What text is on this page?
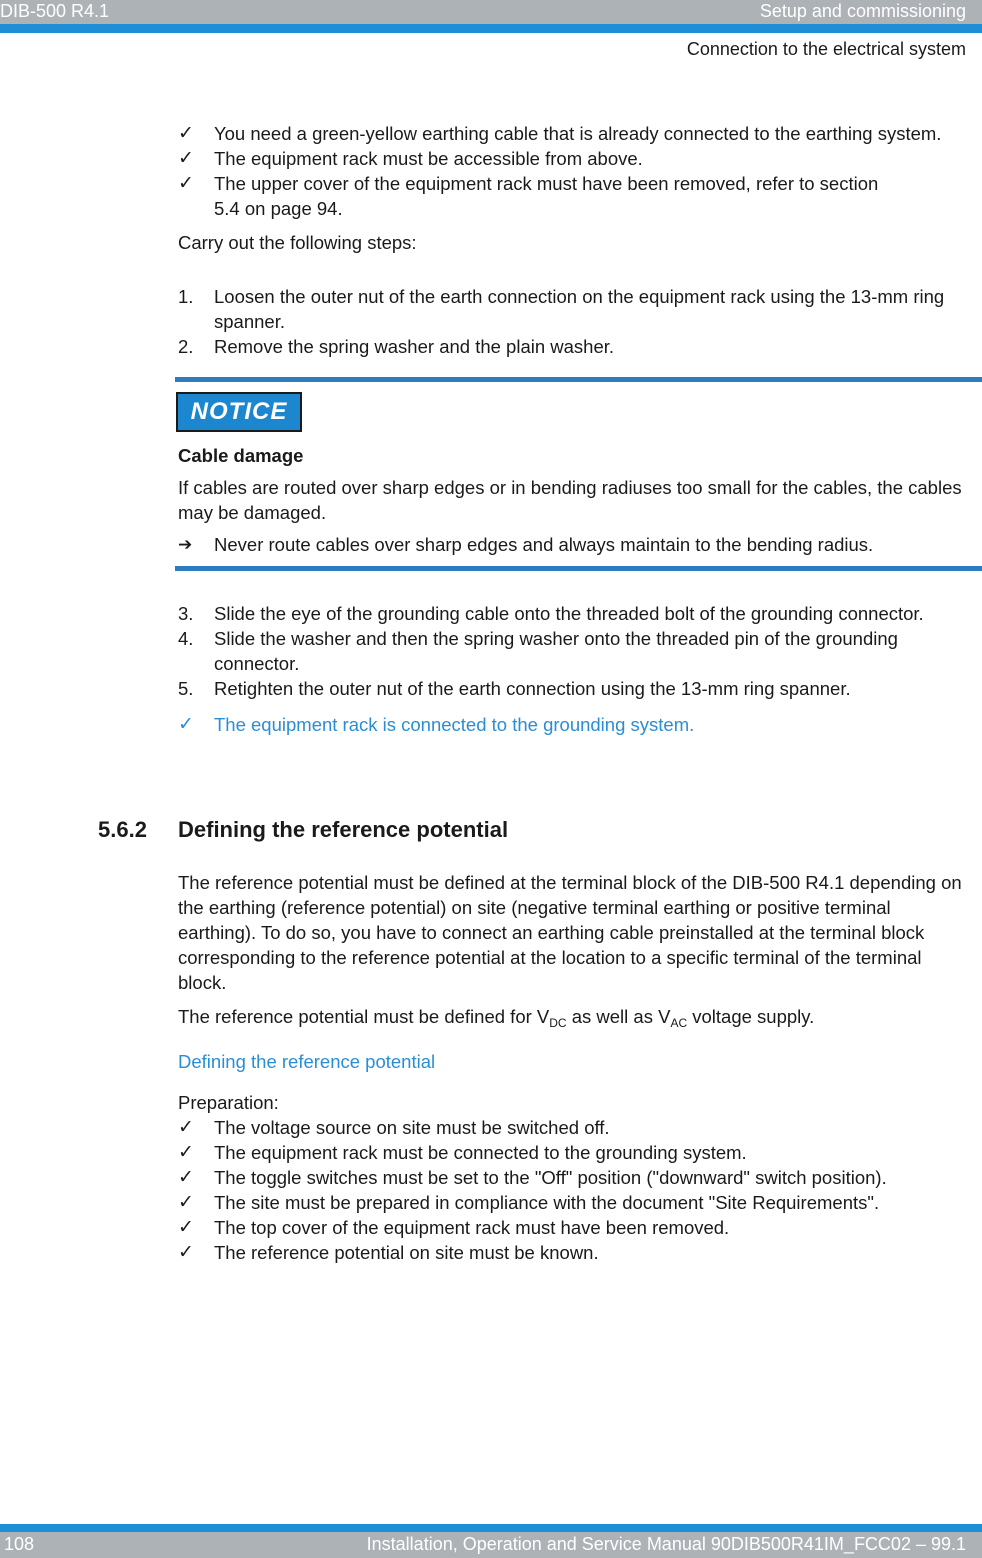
DIB-500 R4.1	Setup and commissioning
Connection to the electrical system
✓ You need a green-yellow earthing cable that is already connected to the earthing system.
✓ The equipment rack must be accessible from above.
✓ The upper cover of the equipment rack must have been removed, refer to section 5.4 on page 94.

Carry out the following steps:

1. Loosen the outer nut of the earth connection on the equipment rack using the 13-mm ring spanner.
2. Remove the spring washer and the plain washer.
NOTICE

Cable damage

If cables are routed over sharp edges or in bending radiuses too small for the cables, the cables may be damaged.

➔ Never route cables over sharp edges and always maintain to the bending radius.
3. Slide the eye of the grounding cable onto the threaded bolt of the grounding connector.
4. Slide the washer and then the spring washer onto the threaded pin of the grounding connector.
5. Retighten the outer nut of the earth connection using the 13-mm ring spanner.
✓ The equipment rack is connected to the grounding system.
5.6.2 Defining the reference potential

The reference potential must be defined at the terminal block of the DIB-500 R4.1 depending on the earthing (reference potential) on site (negative terminal earthing or positive terminal earthing). To do so, you have to connect an earthing cable preinstalled at the terminal block corresponding to the reference potential at the location to a specific terminal of the terminal block.

The reference potential must be defined for $V_{DC}$ as well as $V_{AC}$ voltage supply.

Defining the reference potential

Preparation:

✓ The voltage source on site must be switched off.
✓ The equipment rack must be connected to the grounding system.
✓ The toggle switches must be set to the "Off" position ("downward" switch position).
✓ The site must be prepared in compliance with the document "Site Requirements".
✓ The top cover of the equipment rack must have been removed.
✓ The reference potential on site must be known.
108	Installation, Operation and Service Manual 90DIB500R41IM_FCC02 – 99.1
